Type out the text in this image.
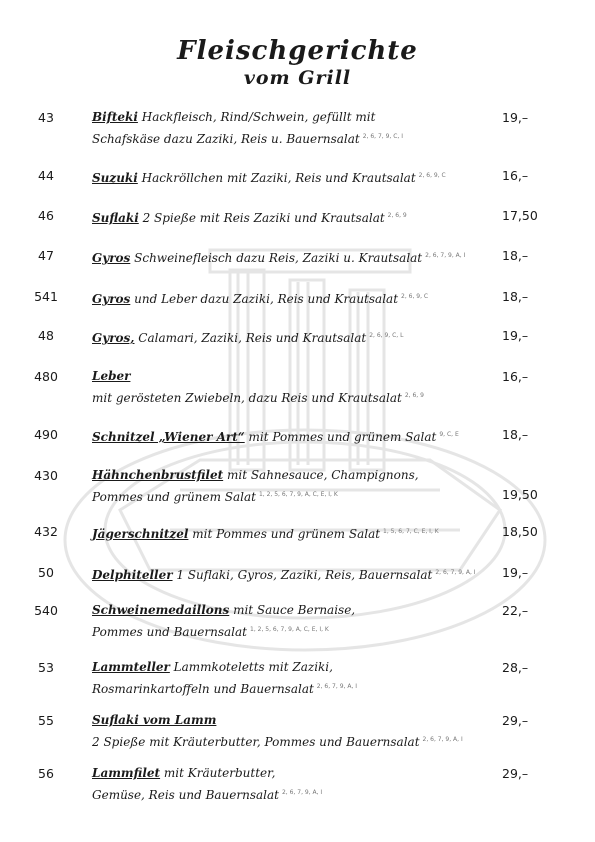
Fleischgerichte
vom Grill
43	Bifteki Hackfleisch, Rind/Schwein, gefüllt mit
Schafskäse dazu Zaziki, Reis u. Bauernsalat $^{2, 6, 7, 9, C, I}$
19,–
44	Suzuki Hackröllchen mit Zaziki, Reis und Krautsalat $^{2, 6, 9, C}$	16,–
46	Suflaki 2 Spieße mit Reis Zaziki und Krautsalat $^{2, 6, 9}$	17,50
47	Gyros Schweinefleisch dazu Reis, Zaziki u. Krautsalat $^{2, 6, 7, 9, A, I}$	18,–
541	Gyros und Leber dazu Zaziki, Reis und Krautsalat $^{2, 6, 9, C}$	18,–
48	Gyros, Calamari, Zaziki, Reis und Krautsalat $^{2, 6, 9, C, L}$	19,–
480	Leber
mit gerösteten Zwiebeln, dazu Reis und Krautsalat $^{2, 6, 9}$
16,–
490	Schnitzel „Wiener Art“ mit Pommes und grünem Salat $^{9, C, E}$	18,–
430	Hähnchenbrustfilet mit Sahnesauce, Champignons,
Pommes und grünem Salat $^{1, 2, 5, 6, 7, 9, A, C, E, I, K}$	19,50
432	Jägerschnitzel mit Pommes und grünem Salat $^{1, 5, 6, 7, C, E, I, K}$	18,50
50	Delphiteller 1 Suflaki, Gyros, Zaziki, Reis, Bauernsalat $^{2, 6, 7, 9, A, I}$	19,–
540	Schweinemedaillons mit Sauce Bernaise,
Pommes und Bauernsalat $^{1, 2, 5, 6, 7, 9, A, C, E, I, K}$
22,–
53	Lammteller Lammkoteletts mit Zaziki,
Rosmarinkartoffeln und Bauernsalat $^{2, 6, 7, 9, A, I}$
28,–
55	Suflaki vom Lamm
2 Spieße mit Kräuterbutter, Pommes und Bauernsalat $^{2, 6, 7, 9, A, I}$
29,–
56	Lammfilet mit Kräuterbutter,
Gemüse, Reis und Bauernsalat $^{2, 6, 7, 9, A, I}$
29,–
